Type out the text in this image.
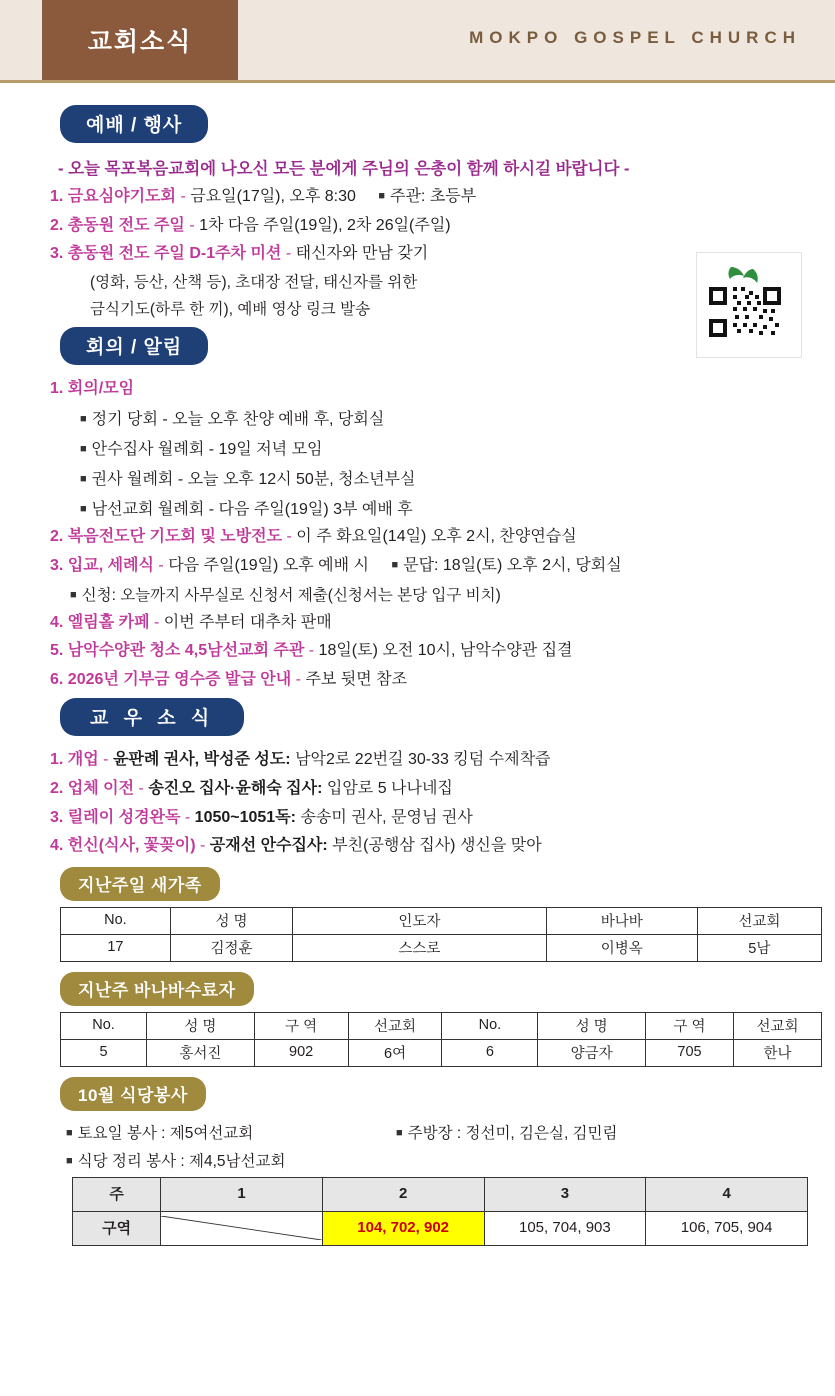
교회소식	MOKPO GOSPEL CHURCH
예배 / 행사
- 오늘 목포복음교회에 나오신 모든 분에게 주님의 은총이 함께 하시길 바랍니다 -
1. 금요심야기도회 - 금요일(17일), 오후 8:30 ■ 주관: 초등부
2. 총동원 전도 주일 - 1차 다음 주일(19일), 2차 26일(주일)
3. 총동원 전도 주일 D-1주차 미션 - 태신자와 만남 갖기
(영화, 등산, 산책 등), 초대장 전달, 태신자를 위한
금식기도(하루 한 끼), 예배 영상 링크 발송
회의 / 알림
1. 회의/모임
■ 정기 당회 - 오늘 오후 찬양 예배 후, 당회실
■ 안수집사 월례회 - 19일 저녁 모임
■ 권사 월례회 - 오늘 오후 12시 50분, 청소년부실
■ 남선교회 월례회 - 다음 주일(19일) 3부 예배 후
2. 복음전도단 기도회 및 노방전도 - 이 주 화요일(14일) 오후 2시, 찬양연습실
3. 입교, 세례식 - 다음 주일(19일) 오후 예배 시 ■ 문답: 18일(토) 오후 2시, 당회실
■ 신청: 오늘까지 사무실로 신청서 제출(신청서는 본당 입구 비치)
4. 엘림홀 카페 - 이번 주부터 대추차 판매
5. 남악수양관 청소 4,5남선교회 주관 - 18일(토) 오전 10시, 남악수양관 집결
6. 2026년 기부금 영수증 발급 안내 - 주보 뒷면 참조
교 우 소 식
1. 개업 - 윤판례 권사, 박성준 성도: 남악2로 22번길 30-33 킹덤 수제착즙
2. 업체 이전 - 송진오 집사·윤해숙 집사: 입암로 5 나나네집
3. 릴레이 성경완독 - 1050~1051독: 송송미 권사, 문영님 권사
4. 헌신(식사, 꽃꽂이) - 공재선 안수집사: 부친(공행삼 집사) 생신을 맞아
지난주일 새가족
No.	성 명	인도자	바나바	선교회
17	김정훈	스스로	이병옥	5남
지난주 바나바수료자
No.	성 명	구 역	선교회	No.	성 명	구 역	선교회
5	홍서진	902	6여	6	양금자	705	한나
10월 식당봉사
■ 토요일 봉사 : 제5여선교회	■ 주방장 : 정선미, 김은실, 김민림
■ 식당 정리 봉사 : 제4,5남선교회
주	1	2	3	4
구역		104, 702, 902	105, 704, 903	106, 705, 904
